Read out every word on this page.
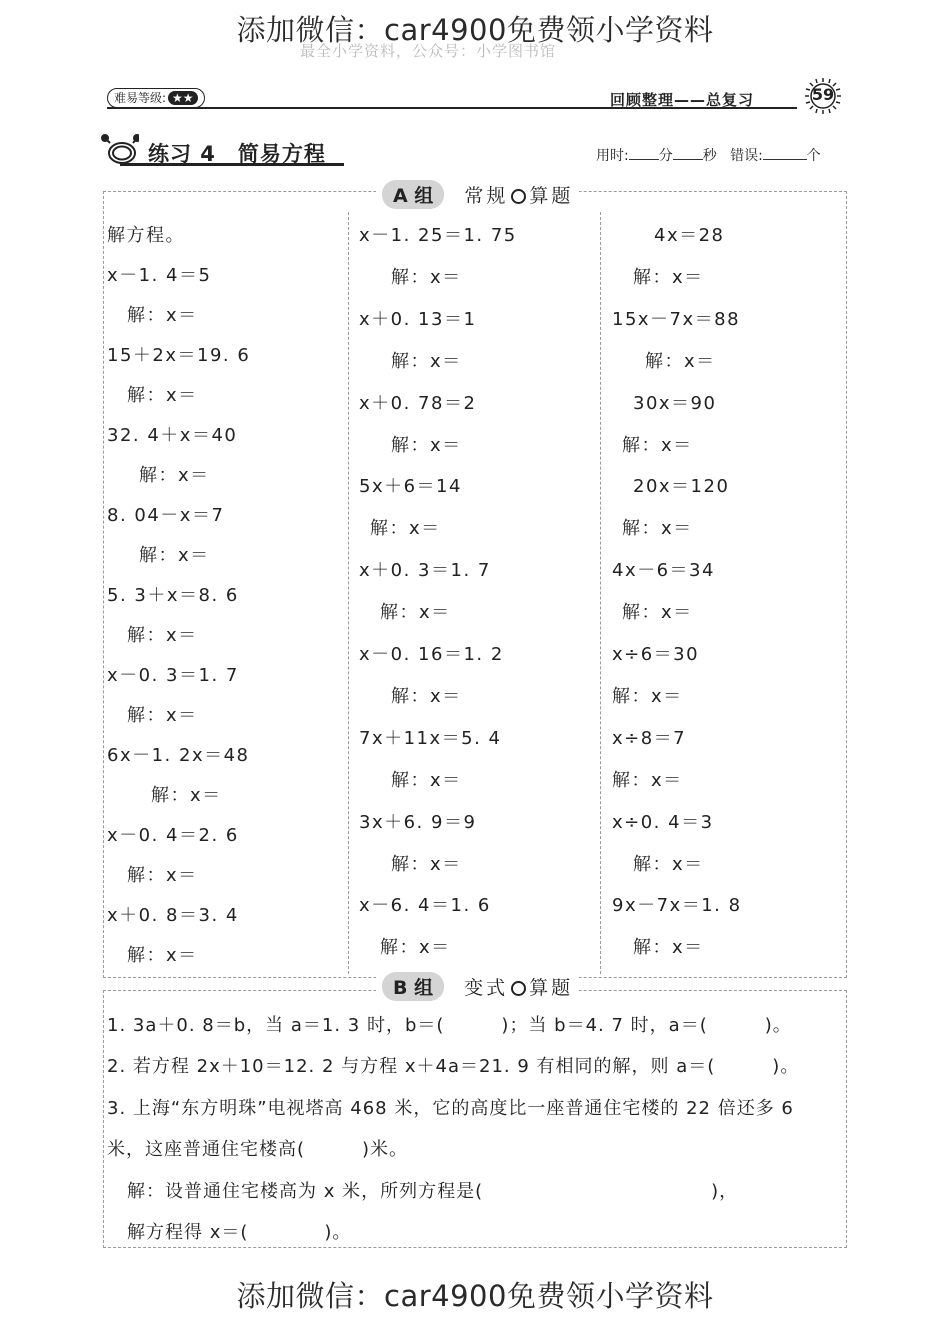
添加微信：car4900免费领小学资料
最全小学资料，公众号：小学图书馆
难易等级: ★★	回顾整理——总复习	59
练习 4　简易方程	用时: 分 秒 错误:	个
A 组	常规 算题
解方程。
x－1. 4＝5
解：x＝
15＋2x＝19. 6
解：x＝
32. 4＋x＝40
解：x＝
8. 04－x＝7
解：x＝
5. 3＋x＝8. 6
解：x＝
x－0. 3＝1. 7
解：x＝
6x－1. 2x＝48
解：x＝
x－0. 4＝2. 6
解：x＝
x＋0. 8＝3. 4
解：x＝
x－1. 25＝1. 75
解：x＝
x＋0. 13＝1
解：x＝
x＋0. 78＝2
解：x＝
5x＋6＝14
解：x＝
x＋0. 3＝1. 7
解：x＝
x－0. 16＝1. 2
解：x＝
7x＋11x＝5. 4
解：x＝
3x＋6. 9＝9
解：x＝
x－6. 4＝1. 6
解：x＝
4x＝28
解：x＝
15x－7x＝88
解：x＝
30x＝90
解：x＝
20x＝120
解：x＝
4x－6＝34
解：x＝
x÷6＝30
解：x＝
x÷8＝7
解：x＝
x÷0. 4＝3
解：x＝
9x－7x＝1. 8
解：x＝
B 组	变式 算题
1. 3a＋0. 8＝b，当 a＝1. 3 时，b＝(　　　)；当 b＝4. 7 时，a＝(　　　)。
2. 若方程 2x＋10＝12. 2 与方程 x＋4a＝21. 9 有相同的解，则 a＝(　　　)。
3. 上海“东方明珠”电视塔高 468 米，它的高度比一座普通住宅楼的 22 倍还多 6
米，这座普通住宅楼高(　　　)米。
解：设普通住宅楼高为 x 米，所列方程是(　　　　　　　　　　　　)，
解方程得 x＝(　　　　)。
添加微信：car4900免费领小学资料
